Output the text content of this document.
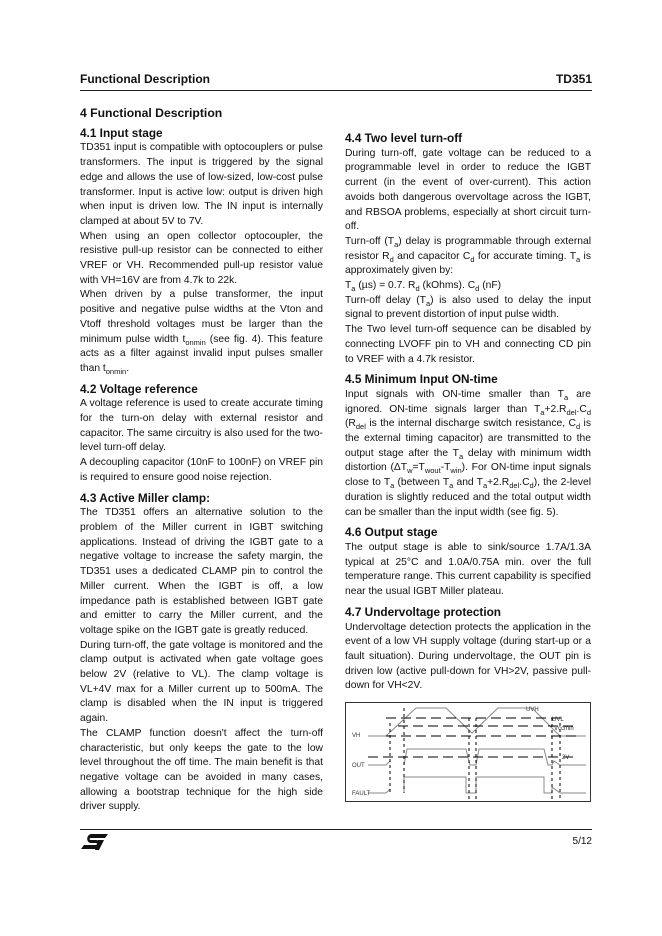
Functional Description	TD351
4 Functional Description
4.1 Input stage

TD351 input is compatible with optocouplers or pulse transformers. The input is triggered by the signal edge and allows the use of low-sized, low-cost pulse transformer. Input is active low: output is driven high when input is driven low. The IN input is internally clamped at about 5V to 7V.

When using an open collector optocoupler, the resistive pull-up resistor can be connected to either VREF or VH. Recommended pull-up resistor value with VH=16V are from 4.7k to 22k.

When driven by a pulse transformer, the input positive and negative pulse widths at the Vton and Vtoff threshold voltages must be larger than the minimum pulse width $t_{onmin}$ (see fig. 4). This feature acts as a filter against invalid input pulses smaller than $t_{onmin}$.

4.2 Voltage reference

A voltage reference is used to create accurate timing for the turn-on delay with external resistor and capacitor. The same circuitry is also used for the two-level turn-off delay.

A decoupling capacitor (10nF to 100nF) on VREF pin is required to ensure good noise rejection.

4.3 Active Miller clamp:

The TD351 offers an alternative solution to the problem of the Miller current in IGBT switching applications. Instead of driving the IGBT gate to a negative voltage to increase the safety margin, the TD351 uses a dedicated CLAMP pin to control the Miller current. When the IGBT is off, a low impedance path is established between IGBT gate and emitter to carry the Miller current, and the voltage spike on the IGBT gate is greatly reduced.

During turn-off, the gate voltage is monitored and the clamp output is activated when gate voltage goes below 2V (relative to VL). The clamp voltage is VL+4V max for a Miller current up to 500mA. The clamp is disabled when the IN input is triggered again.

The CLAMP function doesn't affect the turn-off characteristic, but only keeps the gate to the low level throughout the off time. The main benefit is that negative voltage can be avoided in many cases, allowing a bootstrap technique for the high side driver supply.

4.4 Two level turn-off

During turn-off, gate voltage can be reduced to a programmable level in order to reduce the IGBT current (in the event of over-current). This action avoids both dangerous overvoltage across the IGBT, and RBSOA problems, especially at short circuit turn-off.

Turn-off $(T_a)$ delay is programmable through external resistor $R_d$ and capacitor $C_d$ for accurate timing. $T_a$ is approximately given by:

$T_a$ (µs) = 0.7. $R_d$ (kOhms). $C_d$ (nF)

Turn-off delay $(T_a)$ is also used to delay the input signal to prevent distortion of input pulse width.

The Two level turn-off sequence can be disabled by connecting LVOFF pin to VH and connecting CD pin to VREF with a 4.7k resistor.

4.5 Minimum Input ON-time

Input signals with ON-time smaller than $T_a$ are ignored. ON-time signals larger than $T_a+2.R_{del}.C_d$ ($R_{del}$ is the internal discharge switch resistance, $C_d$ is the external timing capacitor) are transmitted to the output stage after the $T_a$ delay with minimum width distortion $(\Delta T_w=T_{wout}-T_{win})$. For ON-time input signals close to $T_a$ (between $T_a$ and $T_a+2.R_{del}.C_d$), the 2-level duration is slightly reduced and the total output width can be smaller than the input width (see fig. 5).

4.6 Output stage

The output stage is able to sink/source 1.7A/1.3A typical at 25°C and 1.0A/0.75A min. over the full temperature range. This current capability is specified near the usual IGBT Miller plateau.

4.7 Undervoltage protection

Undervoltage detection protects the application in the event of a low VH supply voltage (during start-up or a fault situation). During undervoltage, the OUT pin is driven low (active pull-down for VH>2V, passive pull-down for VH<2V.

VH
OUT
FAULT
UVH
UVL
Vccmin
2V
5/12
